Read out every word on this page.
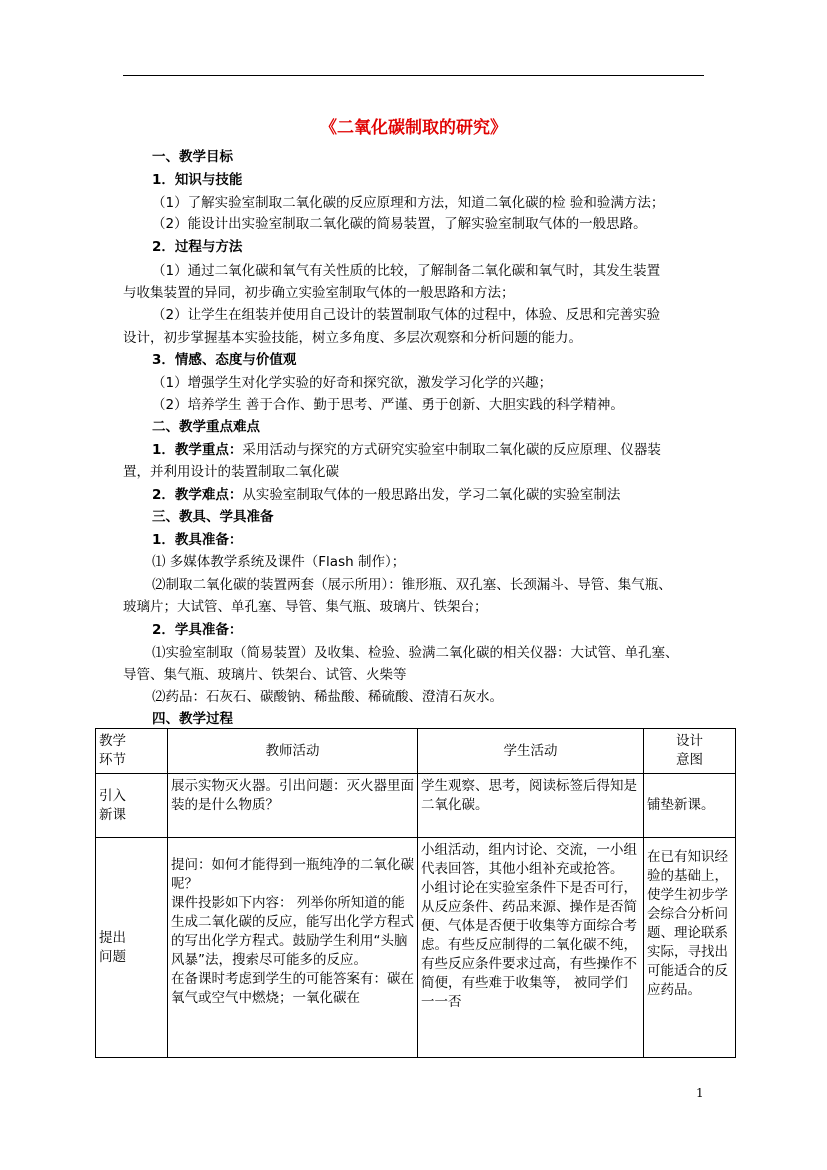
《二氧化碳制取的研究》
一、教学目标
1．知识与技能
（1）了解实验室制取二氧化碳的反应原理和方法，知道二氧化碳的检 验和验满方法；
（2）能设计出实验室制取二氧化碳的简易装置，了解实验室制取气体的一般思路。
2．过程与方法
（1）通过二氧化碳和氧气有关性质的比较，了解制备二氧化碳和氧气时，其发生装置
与收集装置的异同，初步确立实验室制取气体的一般思路和方法；
（2）让学生在组装并使用自己设计的装置制取气体的过程中，体验、反思和完善实验
设计，初步掌握基本实验技能，树立多角度、多层次观察和分析问题的能力。
3．情感、态度与价值观
（1）增强学生对化学实验的好奇和探究欲，激发学习化学的兴趣；
（2）培养学生 善于合作、勤于思考、严谨、勇于创新、大胆实践的科学精神。
二、教学重点难点
1．教学重点：采用活动与探究的方式研究实验室中制取二氧化碳的反应原理、仪器装
置，并利用设计的装置制取二氧化碳
2．教学难点：从实验室制取气体的一般思路出发，学习二氧化碳的实验室制法
三、教具、学具准备
1．教具准备：
⑴ 多媒体教学系统及课件（Flash 制作）；
⑵制取二氧化碳的装置两套（展示所用）：锥形瓶、双孔塞、长颈漏斗、导管、集气瓶、
玻璃片；大试管、单孔塞、导管、集气瓶、玻璃片、铁架台；
2．学具准备：
⑴实验室制取（简易装置）及收集、检验、验满二氧化碳的相关仪器：大试管、单孔塞、
导管、集气瓶、玻璃片、铁架台、试管、火柴等
⑵药品：石灰石、碳酸钠、稀盐酸、稀硫酸、澄清石灰水。
四、教学过程
教学
环节	教师活动	学生活动	设计
意图
引入
新课	展示实物灭火器。引出问题：灭火器里面装的是什么物质？	学生观察、思考，阅读标签后得知是二氧化碳。	铺垫新课。
提出
问题	提问：如何才能得到一瓶纯净的二氧化碳呢？
课件投影如下内容： 列举你所知道的能生成二氧化碳的反应，能写出化学方程式的写出化学方程式。鼓励学生利用“头脑风暴”法，搜索尽可能多的反应。
在备课时考虑到学生的可能答案有：碳在氧气或空气中燃烧；一氧化碳在	小组活动，组内讨论、交流，一小组代表回答，其他小组补充或抢答。
小组讨论在实验室条件下是否可行，从反应条件、药品来源、操作是否简便、气体是否便于收集等方面综合考虑。有些反应制得的二氧化碳不纯，有些反应条件要求过高，有些操作不简便，有些难于收集等， 被同学们一一否	在已有知识经验的基础上，使学生初步学会综合分析问题、理论联系实际，寻找出可能适合的反应药品。
1
